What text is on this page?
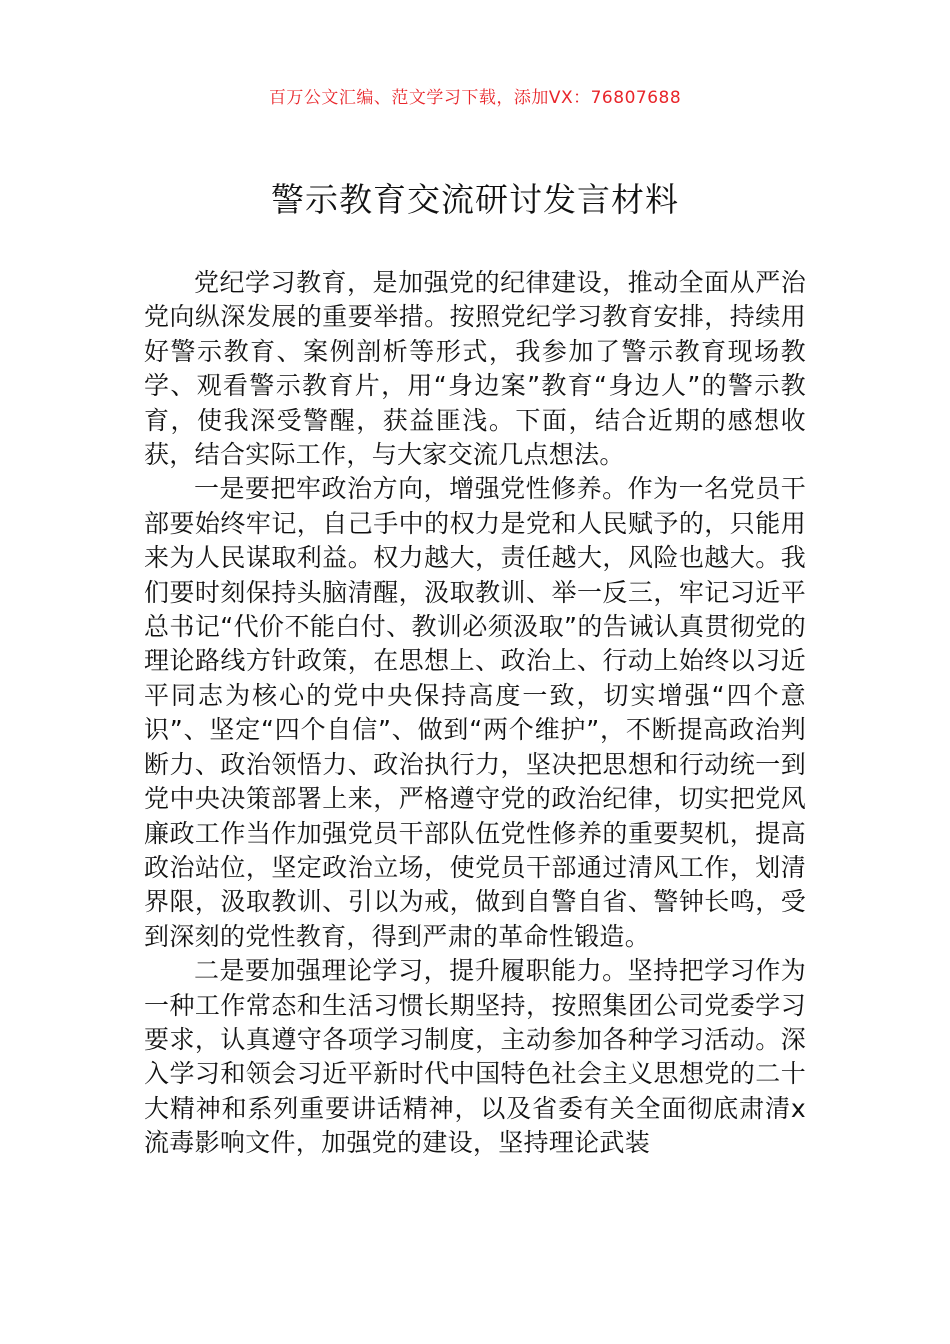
百万公文汇编、范文学习下载，添加VX：76807688
警示教育交流研讨发言材料

党纪学习教育，是加强党的纪律建设，推动全面从严治党向纵深发展的重要举措。按照党纪学习教育安排，持续用好警示教育、案例剖析等形式，我参加了警示教育现场教学、观看警示教育片，用“身边案”教育“身边人”的警示教育，使我深受警醒，获益匪浅。下面，结合近期的感想收获，结合实际工作，与大家交流几点想法。

一是要把牢政治方向，增强党性修养。作为一名党员干部要始终牢记，自己手中的权力是党和人民赋予的，只能用来为人民谋取利益。权力越大，责任越大，风险也越大。我们要时刻保持头脑清醒，汲取教训、举一反三，牢记习近平总书记“代价不能白付、教训必须汲取”的告诫认真贯彻党的理论路线方针政策，在思想上、政治上、行动上始终以习近平同志为核心的党中央保持高度一致，切实增强“四个意识”、坚定“四个自信”、做到“两个维护”，不断提高政治判断力、政治领悟力、政治执行力，坚决把思想和行动统一到党中央决策部署上来，严格遵守党的政治纪律，切实把党风廉政工作当作加强党员干部队伍党性修养的重要契机，提高政治站位，坚定政治立场，使党员干部通过清风工作，划清界限，汲取教训、引以为戒，做到自警自省、警钟长鸣，受到深刻的党性教育，得到严肃的革命性锻造。

二是要加强理论学习，提升履职能力。坚持把学习作为一种工作常态和生活习惯长期坚持，按照集团公司党委学习要求，认真遵守各项学习制度，主动参加各种学习活动。深入学习和领会习近平新时代中国特色社会主义思想党的二十大精神和系列重要讲话精神，以及省委有关全面彻底肃清x流毒影响文件，加强党的建设，坚持理论武装
